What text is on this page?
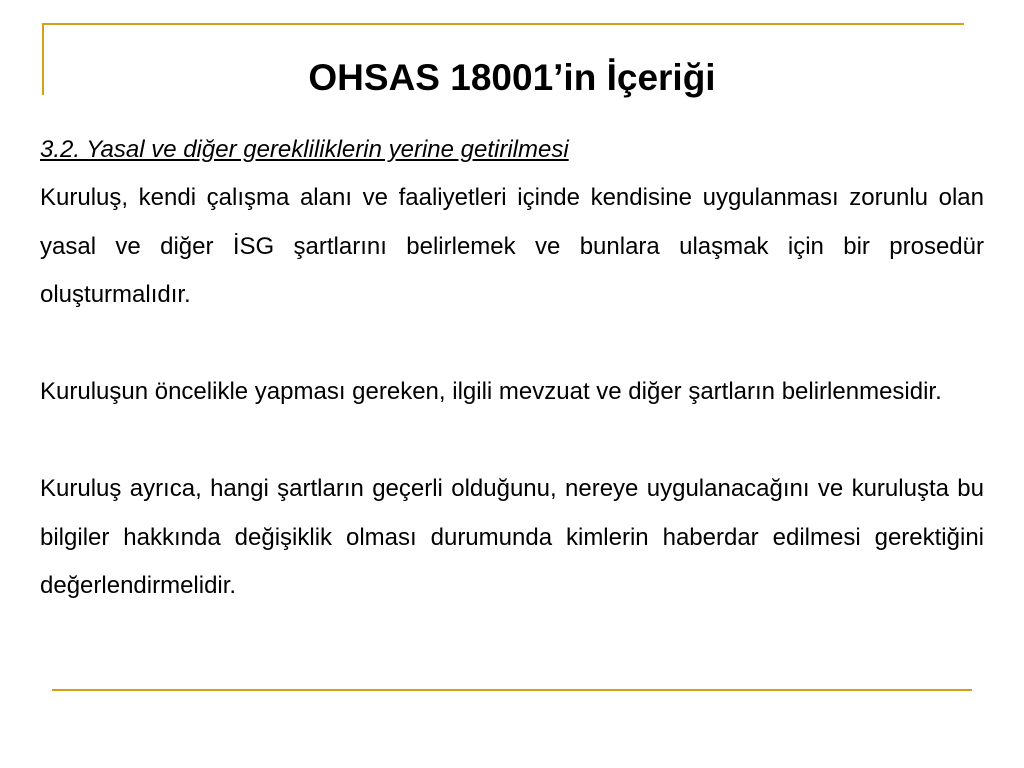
OHSAS 18001’in İçeriği

3.2. Yasal ve diğer gerekliliklerin yerine getirilmesi

Kuruluş, kendi çalışma alanı ve faaliyetleri içinde kendisine uygulanması zorunlu olan yasal ve diğer İSG şartlarını belirlemek ve bunlara ulaşmak için bir prosedür oluşturmalıdır.

Kuruluşun öncelikle yapması gereken, ilgili mevzuat ve diğer şartların belirlenmesidir.

Kuruluş ayrıca, hangi şartların geçerli olduğunu, nereye uygulanacağını ve kuruluşta bu bilgiler hakkında değişiklik olması durumunda kimlerin haberdar edilmesi gerektiğini değerlendirmelidir.
